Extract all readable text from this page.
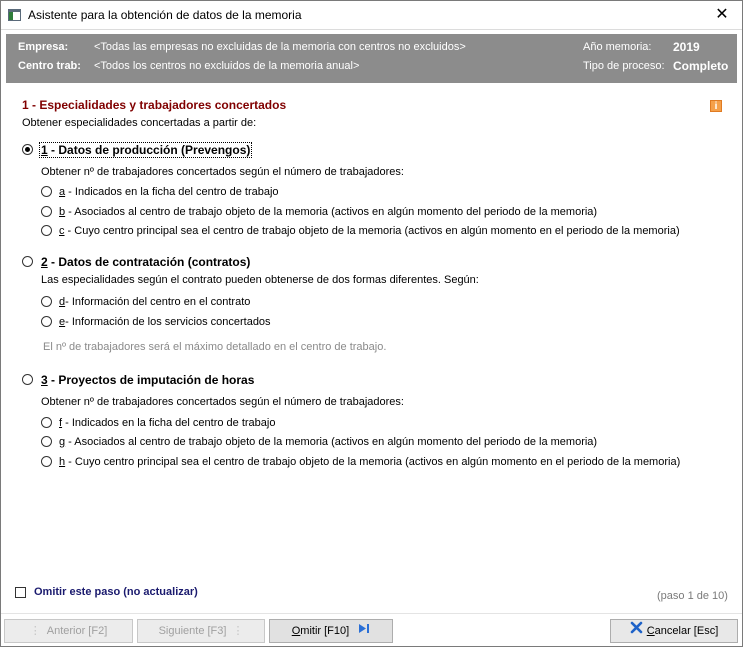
Asistente para la obtención de datos de la memoria	✕
Empresa: <Todas las empresas no excluidas de la memoria con centros no excluidos>
Centro trab: <Todos los centros no excluidos de la memoria anual>
Año memoria: 2019
Tipo de proceso: Completo
1 - Especialidades y trabajadores concertados	i
Obtener especialidades concertadas a partir de:
1 - Datos de producción (Prevengos)
Obtener nº de trabajadores concertados según el número de trabajadores:
a - Indicados en la ficha del centro de trabajo
b - Asociados al centro de trabajo objeto de la memoria (activos en algún momento del periodo de la memoria)
c - Cuyo centro principal sea el centro de trabajo objeto de la memoria (activos en algún momento en el periodo de la memoria)
2 - Datos de contratación (contratos)
Las especialidades según el contrato pueden obtenerse de dos formas diferentes. Según:
d- Información del centro en el contrato
e- Información de los servicios concertados
El nº de trabajadores será el máximo detallado en el centro de trabajo.
3 - Proyectos de imputación de horas
Obtener nº de trabajadores concertados según el número de trabajadores:
f - Indicados en la ficha del centro de trabajo
g - Asociados al centro de trabajo objeto de la memoria (activos en algún momento del periodo de la memoria)
h - Cuyo centro principal sea el centro de trabajo objeto de la memoria (activos en algún momento en el periodo de la memoria)
Omitir este paso (no actualizar)	(paso 1 de 10)
⋮ Anterior [F2]	Siguiente [F3] ⋮	Omitir [F10]	Cancelar [Esc]
